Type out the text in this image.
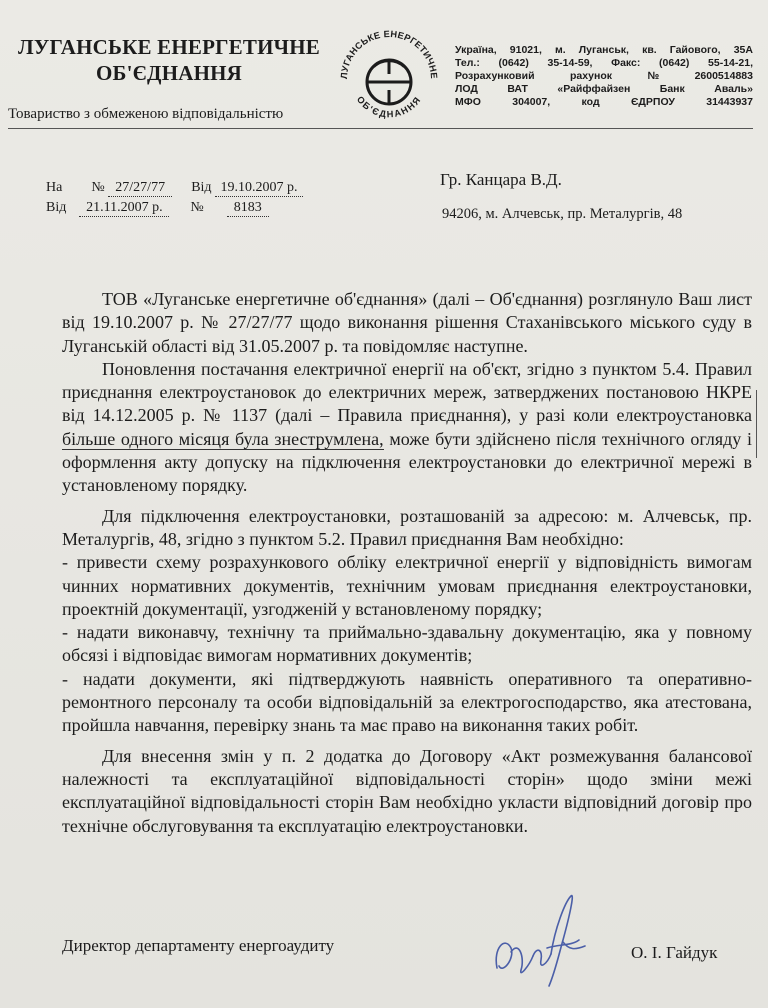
ЛУГАНСЬКЕ ЕНЕРГЕТИЧНЕ
ОБ'ЄДНАННЯ
Товариство з обмеженою відповідальністю
ЛУГАНСЬКЕ ЕНЕРГЕТИЧНЕ
ОБ'ЄДНАННЯ
Україна, 91021, м. Луганськ, кв. Гайового, 35А
Тел.: (0642) 35-14-59, Факс: (0642) 55-14-21,
Розрахунковий	рахунок	№	2600514883
ЛОД	ВАТ	«Райффайзен	Банк	Аваль»
МФО	304007,	код	ЄДРПОУ	31443937
На № 27/27/77 Від 19.10.2007 р.
Від 21.11.2007 р. № 8183
Гр. Канцара В.Д.
94206, м. Алчевськ, пр. Металургів, 48

ТОВ «Луганське енергетичне об'єднання» (далі – Об'єднання) розглянуло Ваш лист від 19.10.2007 р. № 27/27/77 щодо виконання рішення Стаханівського міського суду в Луганській області від 31.05.2007 р. та повідомляє наступне.

Поновлення постачання електричної енергії на об'єкт, згідно з пунктом 5.4. Правил приєднання електроустановок до електричних мереж, затверджених постановою НКРЕ від 14.12.2005 р. № 1137 (далі – Правила приєднання), у разі коли електроустановка більше одного місяця була знеструмлена, може бути здійснено після технічного огляду і оформлення акту допуску на підключення електроустановки до електричної мережі в установленому порядку.

Для підключення електроустановки, розташованій за адресою: м. Алчевськ, пр. Металургів, 48, згідно з пунктом 5.2. Правил приєднання Вам необхідно:

- привести схему розрахункового обліку електричної енергії у відповідність вимогам чинних нормативних документів, технічним умовам приєднання електроустановки, проектній документації, узгодженій у встановленому порядку;

- надати виконавчу, технічну та приймально-здавальну документацію, яка у повному обсязі і відповідає вимогам нормативних документів;

- надати документи, які підтверджують наявність оперативного та оперативно-ремонтного персоналу та особи відповідальній за електрогосподарство, яка атестована, пройшла навчання, перевірку знань та має право на виконання таких робіт.

Для внесення змін у п. 2 додатка до Договору «Акт розмежування балансової належності та експлуатаційної відповідальності сторін» щодо зміни межі експлуатаційної відповідальності сторін Вам необхідно укласти відповідний договір про технічне обслуговування та експлуатацію електроустановки.

Директор департаменту енергоаудиту	О. І. Гайдук
